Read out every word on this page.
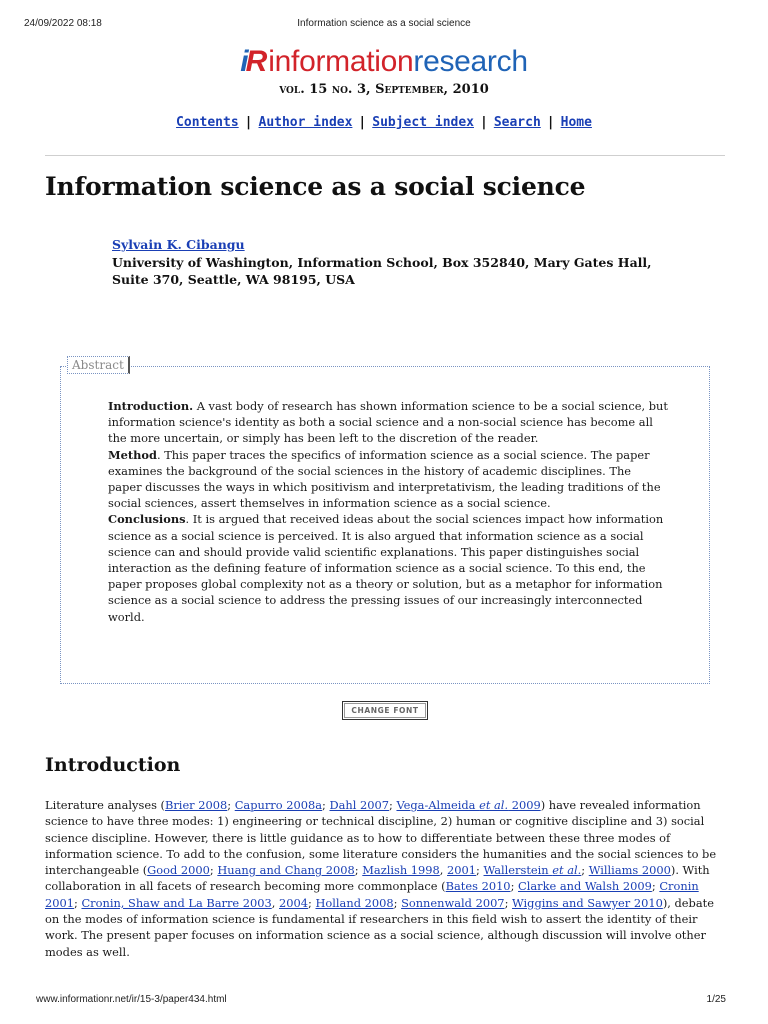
24/09/2022 08:18	Information science as a social science
iR informationresearch
vol. 15 no. 3, September, 2010
Contents | Author index | Subject index | Search | Home
Information science as a social science
Sylvain K. Cibangu
University of Washington, Information School, Box 352840, Mary Gates Hall, Suite 370, Seattle, WA 98195, USA
Abstract

Introduction. A vast body of research has shown information science to be a social science, but information science's identity as both a social science and a non-social science has become all the more uncertain, or simply has been left to the discretion of the reader.

Method. This paper traces the specifics of information science as a social science. The paper examines the background of the social sciences in the history of academic disciplines. The paper discusses the ways in which positivism and interpretativism, the leading traditions of the social sciences, assert themselves in information science as a social science.

Conclusions. It is argued that received ideas about the social sciences impact how information science as a social science is perceived. It is also argued that information science as a social science can and should provide valid scientific explanations. This paper distinguishes social interaction as the defining feature of information science as a social science. To this end, the paper proposes global complexity not as a theory or solution, but as a metaphor for information science as a social science to address the pressing issues of our increasingly interconnected world.

CHANGE FONT
Introduction

Literature analyses (Brier 2008; Capurro 2008a; Dahl 2007; Vega-Almeida et al. 2009) have revealed information science to have three modes: 1) engineering or technical discipline, 2) human or cognitive discipline and 3) social science discipline. However, there is little guidance as to how to differentiate between these three modes of information science. To add to the confusion, some literature considers the humanities and the social sciences to be interchangeable (Good 2000; Huang and Chang 2008; Mazlish 1998, 2001; Wallerstein et al.; Williams 2000). With collaboration in all facets of research becoming more commonplace (Bates 2010; Clarke and Walsh 2009; Cronin 2001; Cronin, Shaw and La Barre 2003, 2004; Holland 2008; Sonnenwald 2007; Wiggins and Sawyer 2010), debate on the modes of information science is fundamental if researchers in this field wish to assert the identity of their work. The present paper focuses on information science as a social science, although discussion will involve other modes as well.

www.informationr.net/ir/15-3/paper434.html	1/25
